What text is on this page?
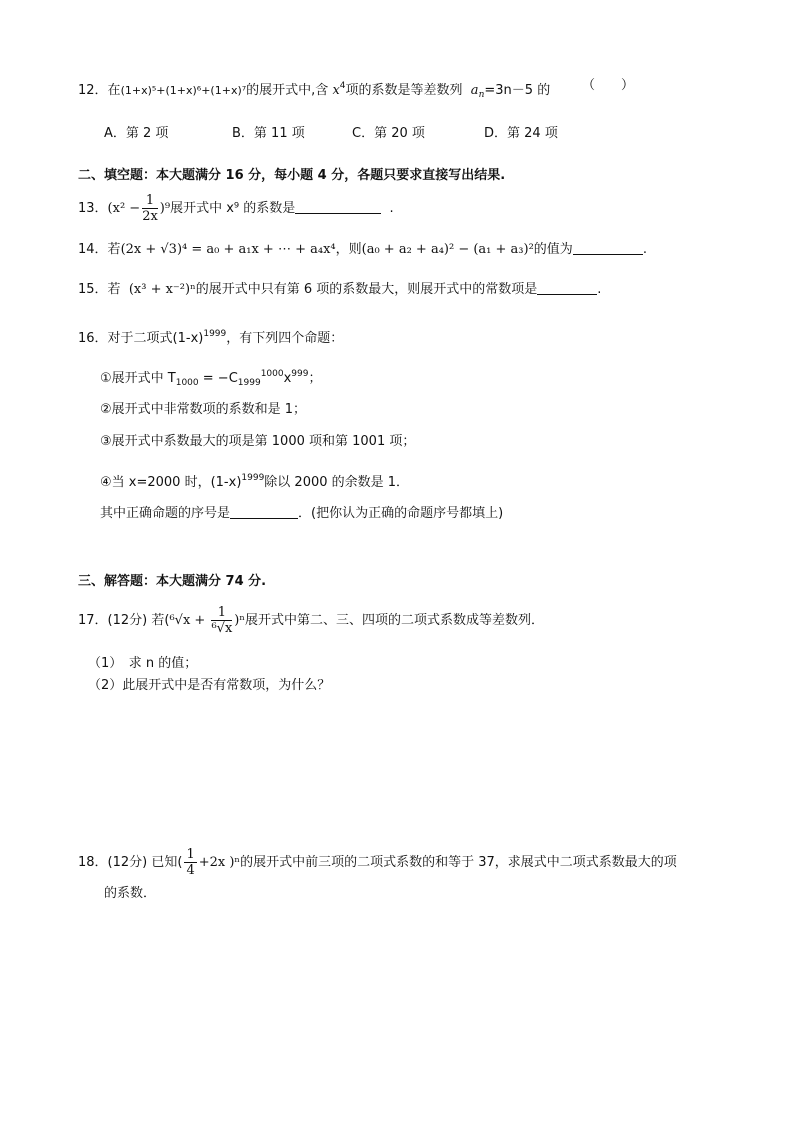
12．在(1+x)⁵+(1+x)⁶+(1+x)⁷的展开式中,含 $x^4$项的系数是等差数列 $a_n=3n-5$ 的 （　　）
A．第 2 项	B．第 11 项	C．第 20 项	D．第 24 项
二、填空题：本大题满分 16 分，每小题 4 分，各题只要求直接写出结果.
13．$(x^2 - \frac{1}{2x} )^9$展开式中 x⁹ 的系数是	.
14．若(2x + √3)⁴ = a₀ + a₁x + ⋯ + a₄x⁴，则(a₀ + a₂ + a₄)² − (a₁ + a₃)²的值为	.
15．若 (x³ + x⁻²)ⁿ的展开式中只有第 6 项的系数最大，则展开式中的常数项是	.
16．对于二项式$(1-x)^{1999}$，有下列四个命题：
①展开式中 $T_{1000} = -C_{1999}^{1000}x^{999}$；
②展开式中非常数项的系数和是 1；
③展开式中系数最大的项是第 1000 项和第 1001 项；
④当 x=2000 时，$(1-x)^{1999}$除以 2000 的余数是 1．
其中正确命题的序号是	．(把你认为正确的命题序号都填上)
三、解答题：本大题满分 74 分.
17．(12分) 若$(^6√x + \frac{1}{\text{⁶√x}} )^n$展开式中第二、三、四项的二项式系数成等差数列．
（1）　求 n 的值；
（2）此展开式中是否有常数项，为什么？
18．(12分) 已知( $\frac{1}{4} +2x$ )ⁿ的展开式中前三项的二项式系数的和等于 37，求展式中二项式系数最大的项
的系数．
